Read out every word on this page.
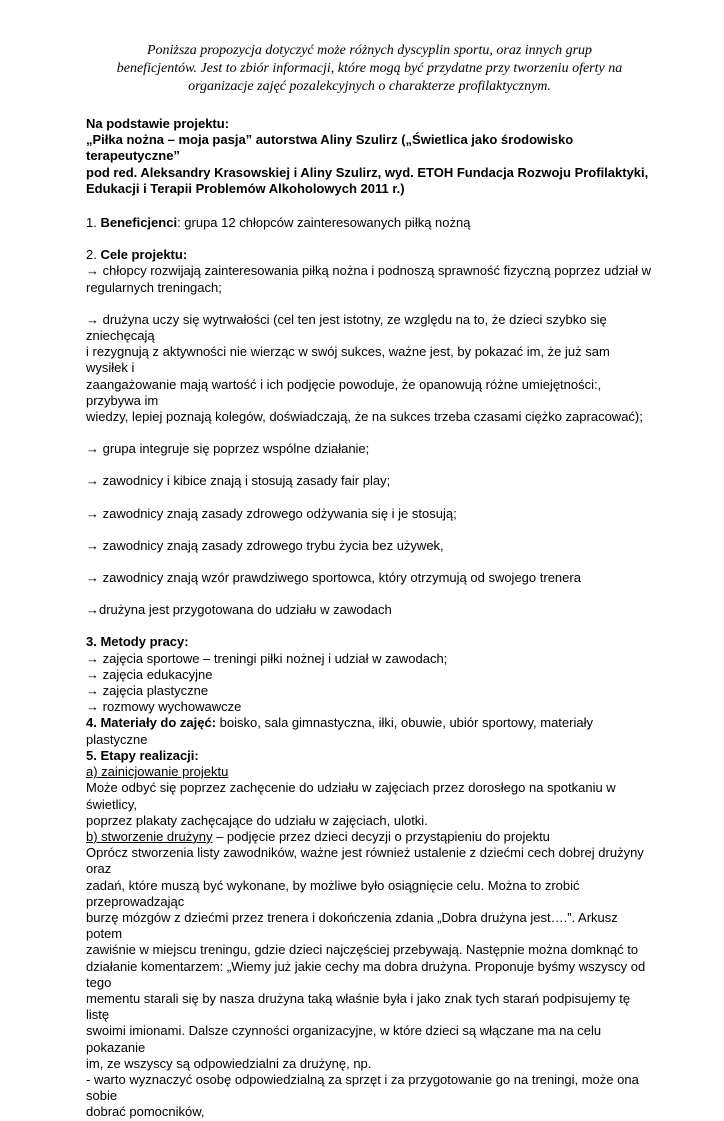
Poniższa propozycja dotyczyć może różnych dyscyplin sportu, oraz innych grup
beneficjentów. Jest to zbiór informacji, które mogą być przydatne przy tworzeniu oferty na
organizacje zajęć pozalekcyjnych o charakterze profilaktycznym.
Na podstawie projektu:
„Piłka nożna – moja pasja” autorstwa Aliny Szulirz („Świetlica jako środowisko terapeutyczne”
pod red. Aleksandry Krasowskiej i Aliny Szulirz, wyd. ETOH Fundacja Rozwoju Profilaktyki,
Edukacji i Terapii Problemów Alkoholowych 2011 r.)

1. Beneficjenci: grupa 12 chłopców zainteresowanych piłką nożną

2. Cele projektu:

→ chłopcy rozwijają zainteresowania piłką nożna i podnoszą sprawność fizyczną poprzez udział w
regularnych treningach;
→ drużyna uczy się wytrwałości (cel ten jest istotny, ze względu na to, że dzieci szybko się zniechęcają
i rezygnują z aktywności nie wierząc w swój sukces, ważne jest, by pokazać im, że już sam wysiłek i
zaangażowanie mają wartość i ich podjęcie powoduje, że opanowują różne umiejętności:, przybywa im
wiedzy, lepiej poznają kolegów, doświadczają, że na sukces trzeba czasami ciężko zapracować);
→ grupa integruje się poprzez wspólne działanie;
→ zawodnicy i kibice znają i stosują zasady fair play;
→ zawodnicy znają zasady zdrowego odżywania się i je stosują;
→ zawodnicy znają zasady zdrowego trybu życia bez używek,
→ zawodnicy znają wzór prawdziwego sportowca, który otrzymują od swojego trenera
→drużyna jest przygotowana do udziału w zawodach

3. Metody pracy:

→ zajęcia sportowe – treningi piłki nożnej i udział w zawodach;
→ zajęcia edukacyjne
→ zajęcia plastyczne
→ rozmowy wychowawcze

4. Materiały do zajęć: boisko, sala gimnastyczna, iłki, obuwie, ubiór sportowy, materiały plastyczne

5. Etapy realizacji:

a) zainicjowanie projektu

Może odbyć się poprzez zachęcenie do udziału w zajęciach przez dorosłego na spotkaniu w świetlicy,
poprzez plakaty zachęcające do udziału w zajęciach, ulotki.

b) stworzenie drużyny – podjęcie przez dzieci decyzji o przystąpieniu do projektu

Oprócz stworzenia listy zawodników, ważne jest również ustalenie z dziećmi cech dobrej drużyny oraz
zadań, które muszą być wykonane, by możliwe było osiągnięcie celu. Można to zrobić przeprowadzając
burzę mózgów z dziećmi przez trenera i dokończenia zdania „Dobra drużyna jest….”. Arkusz potem
zawiśnie w miejscu treningu, gdzie dzieci najczęściej przebywają. Następnie można domknąć to
działanie komentarzem: „Wiemy już jakie cechy ma dobra drużyna. Proponuje byśmy wszyscy od tego
mementu starali się by nasza drużyna taką właśnie była i jako znak tych starań podpisujemy tę listę
swoimi imionami. Dalsze czynności organizacyjne, w które dzieci są włączane ma na celu pokazanie
im, ze wszyscy są odpowiedzialni za drużynę, np.
- warto wyznaczyć osobę odpowiedzialną za sprzęt i za przygotowanie go na treningi, może ona sobie
dobrać pomocników,
